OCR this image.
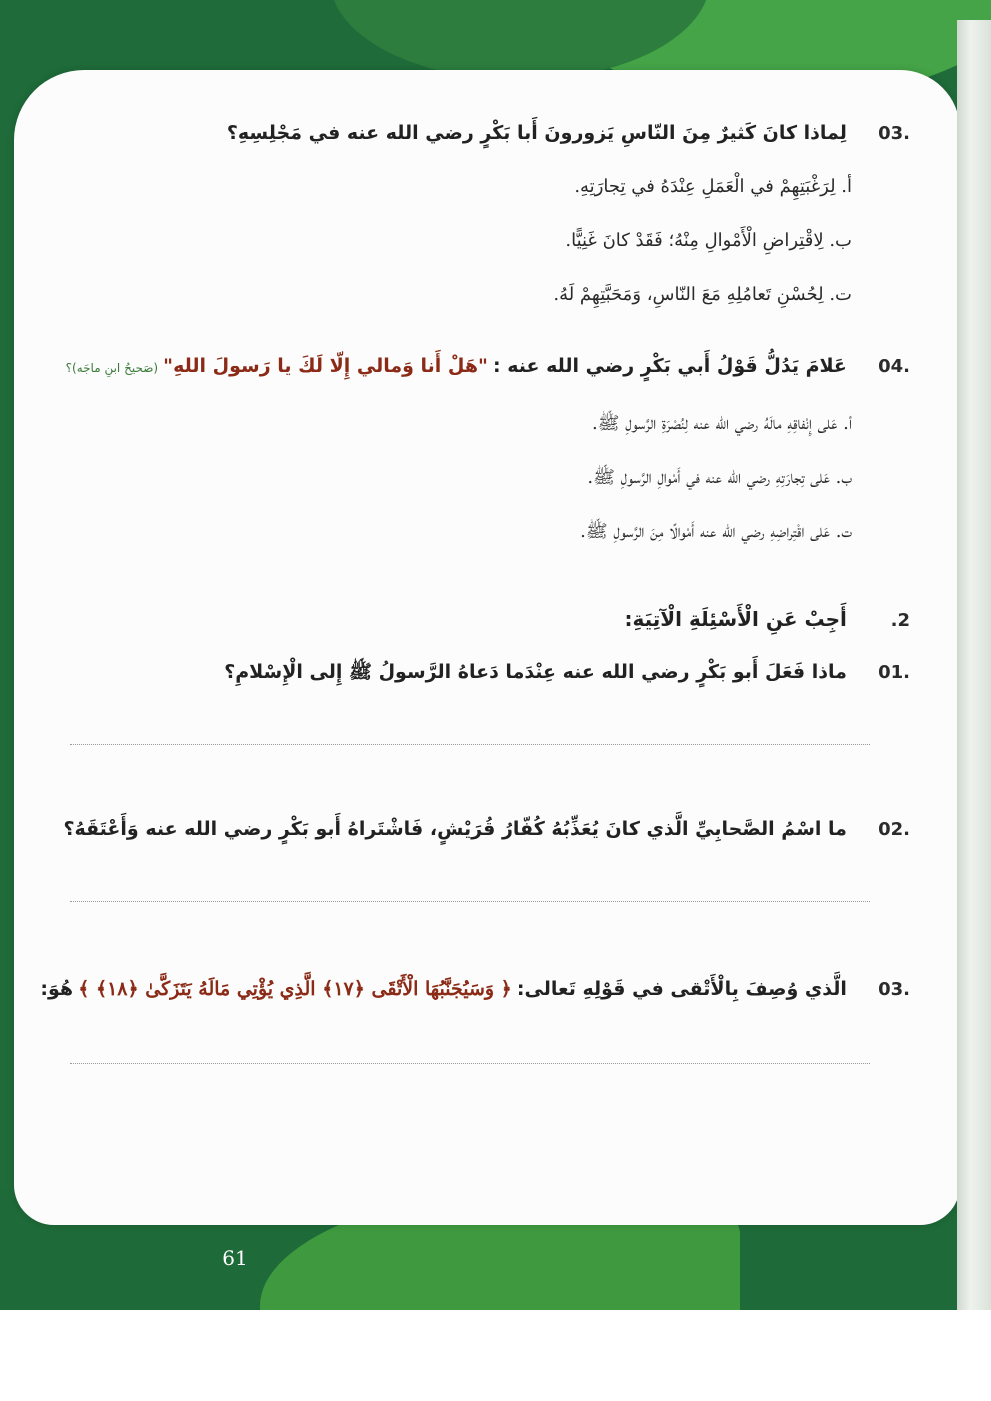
61
.03 لِماذا كانَ كَثيرٌ مِنَ النّاسِ يَزورونَ أَبا بَكْرٍ رضي الله عنه في مَجْلِسِهِ؟
أ. لِرَغْبَتِهِمْ في الْعَمَلِ عِنْدَهُ في تِجارَتِهِ.
ب. لِاقْتِراضِ الْأَمْوالِ مِنْهُ؛ فَقَدْ كانَ غَنِيًّا.
ت. لِحُسْنِ تَعامُلِهِ مَعَ النّاسِ، وَمَحَبَّتِهِمْ لَهُ.
.04 عَلامَ يَدُلُّ قَوْلُ أَبي بَكْرٍ رضي الله عنه : "هَلْ أَنا وَمالي إِلّا لَكَ يا رَسولَ اللهِ" (صَحيحُ ابنِ ماجَه)؟
أ. عَلى إِنْفاقِهِ مالَهُ رضي الله عنه لِنُصْرَةِ الرَّسولِ ﷺ.
ب. عَلى تِجارَتِهِ رضي الله عنه في أَمْوالِ الرَّسولِ ﷺ.
ت. عَلى اقْتِراضِهِ رضي الله عنه أَمْوالًا مِنَ الرَّسولِ ﷺ.
2. أَجِبْ عَنِ الْأَسْئِلَةِ الْآتِيَةِ:
.01 ماذا فَعَلَ أَبو بَكْرٍ رضي الله عنه عِنْدَما دَعاهُ الرَّسولُ ﷺ إِلى الْإِسْلامِ؟
.02 ما اسْمُ الصَّحابِيِّ الَّذي كانَ يُعَذِّبُهُ كُفّارُ قُرَيْشٍ، فَاشْتَراهُ أَبو بَكْرٍ رضي الله عنه وَأَعْتَقَهُ؟
.03 الَّذي وُصِفَ بِالْأَتْقى في قَوْلِهِ تَعالى: ﴿ وَسَيُجَنَّبُهَا الْأَتْقَى ﴿١٧﴾ الَّذِي يُؤْتِي مَالَهُ يَتَزَكَّىٰ ﴿١٨﴾ ﴾ هُوَ:
